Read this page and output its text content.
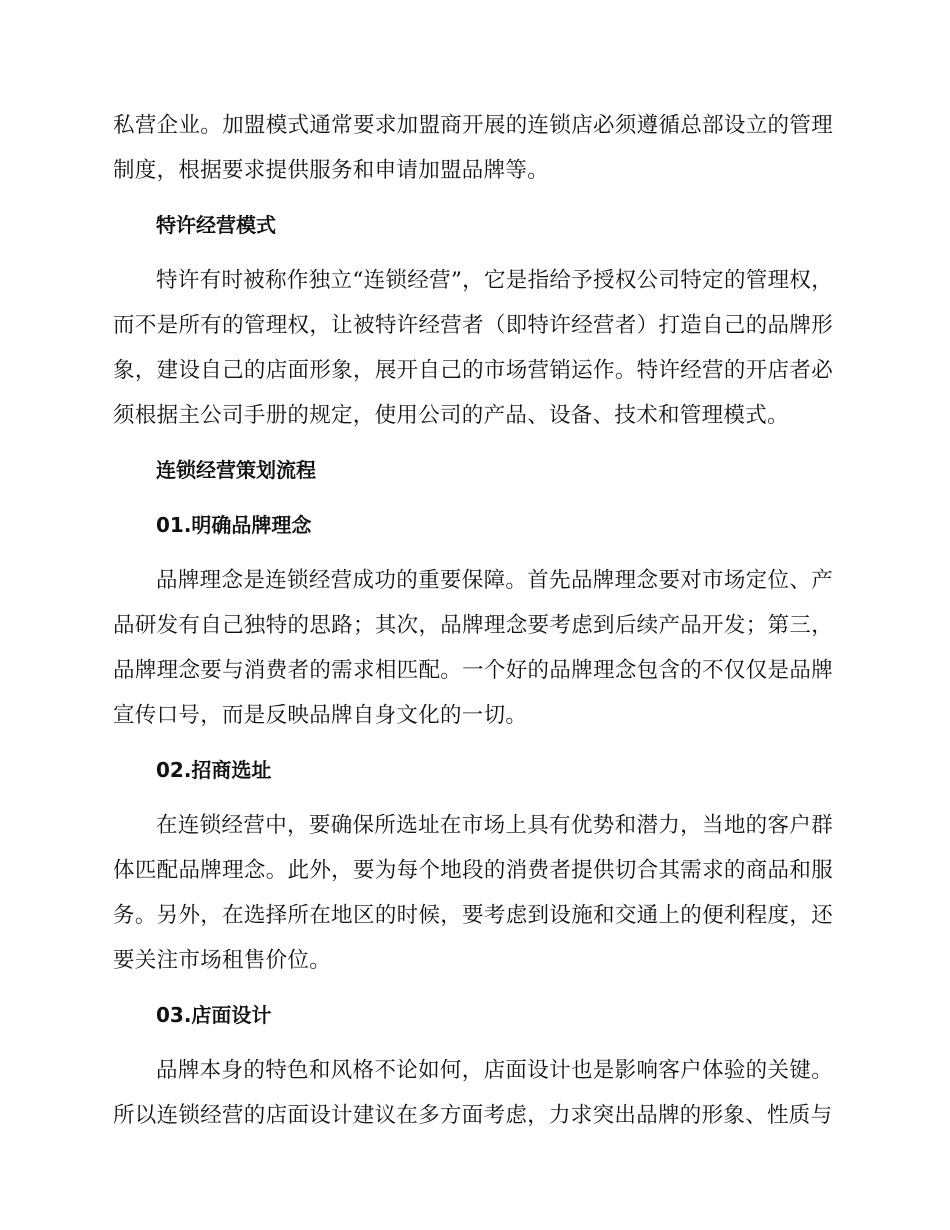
私营企业。加盟模式通常要求加盟商开展的连锁店必须遵循总部设立的管理制度，根据要求提供服务和申请加盟品牌等。

特许经营模式

特许有时被称作独立“连锁经营”，它是指给予授权公司特定的管理权，而不是所有的管理权，让被特许经营者（即特许经营者）打造自己的品牌形象，建设自己的店面形象，展开自己的市场营销运作。特许经营的开店者必须根据主公司手册的规定，使用公司的产品、设备、技术和管理模式。

连锁经营策划流程
01.明确品牌理念

品牌理念是连锁经营成功的重要保障。首先品牌理念要对市场定位、产品研发有自己独特的思路；其次，品牌理念要考虑到后续产品开发；第三，品牌理念要与消费者的需求相匹配。一个好的品牌理念包含的不仅仅是品牌宣传口号，而是反映品牌自身文化的一切。

02.招商选址

在连锁经营中，要确保所选址在市场上具有优势和潜力，当地的客户群体匹配品牌理念。此外，要为每个地段的消费者提供切合其需求的商品和服务。另外，在选择所在地区的时候，要考虑到设施和交通上的便利程度，还要关注市场租售价位。

03.店面设计

品牌本身的特色和风格不论如何，店面设计也是影响客户体验的关键。所以连锁经营的店面设计建议在多方面考虑，力求突出品牌的形象、性质与
